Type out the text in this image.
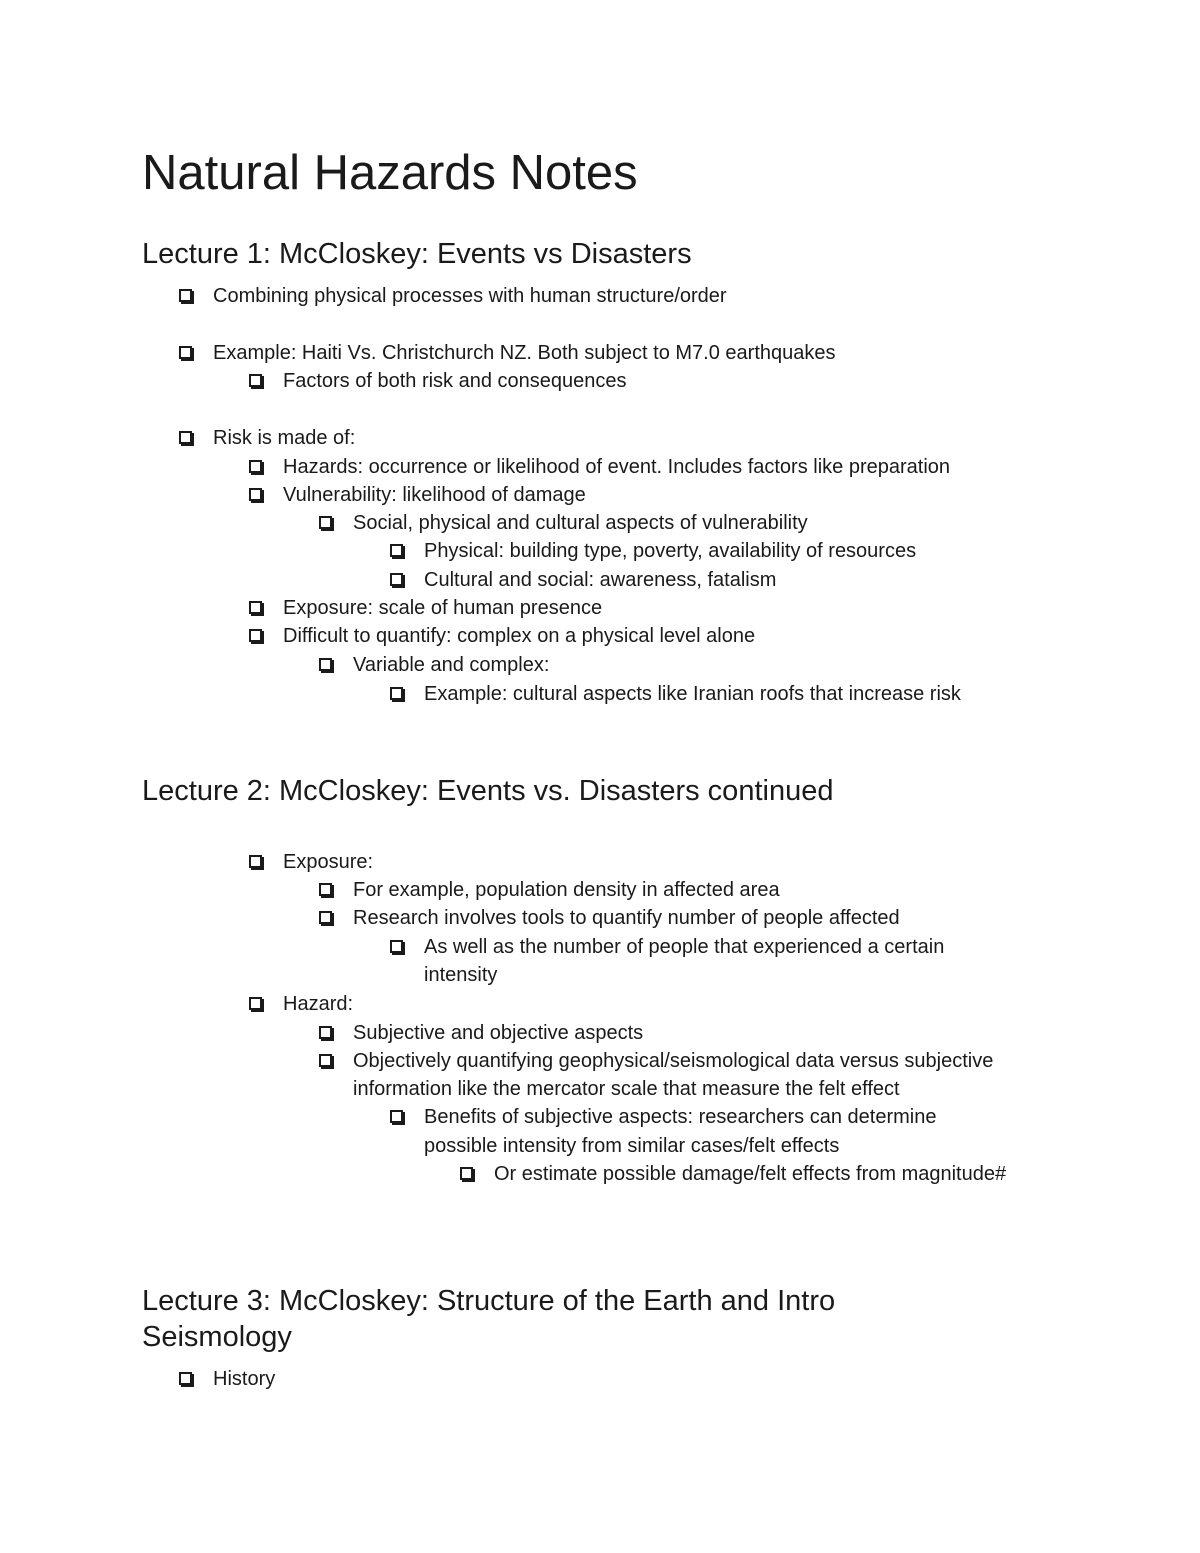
Natural Hazards Notes
Lecture 1: McCloskey: Events vs Disasters
Combining physical processes with human structure/order
Example: Haiti Vs. Christchurch NZ. Both subject to M7.0 earthquakes
Factors of both risk and consequences
Risk is made of:
Hazards: occurrence or likelihood of event. Includes factors like preparation
Vulnerability: likelihood of damage
Social, physical and cultural aspects of vulnerability
Physical: building type, poverty, availability of resources
Cultural and social: awareness, fatalism
Exposure: scale of human presence
Difficult to quantify: complex on a physical level alone
Variable and complex:
Example: cultural aspects like Iranian roofs that increase risk
Lecture 2: McCloskey: Events vs. Disasters continued
Exposure:
For example, population density in affected area
Research involves tools to quantify number of people affected
As well as the number of people that experienced a certain
intensity
Hazard:
Subjective and objective aspects
Objectively quantifying geophysical/seismological data versus subjective
information like the mercator scale that measure the felt effect
Benefits of subjective aspects: researchers can determine
possible intensity from similar cases/felt effects
Or estimate possible damage/felt effects from magnitude#
Lecture 3: McCloskey: Structure of the Earth and Intro
Seismology
History
